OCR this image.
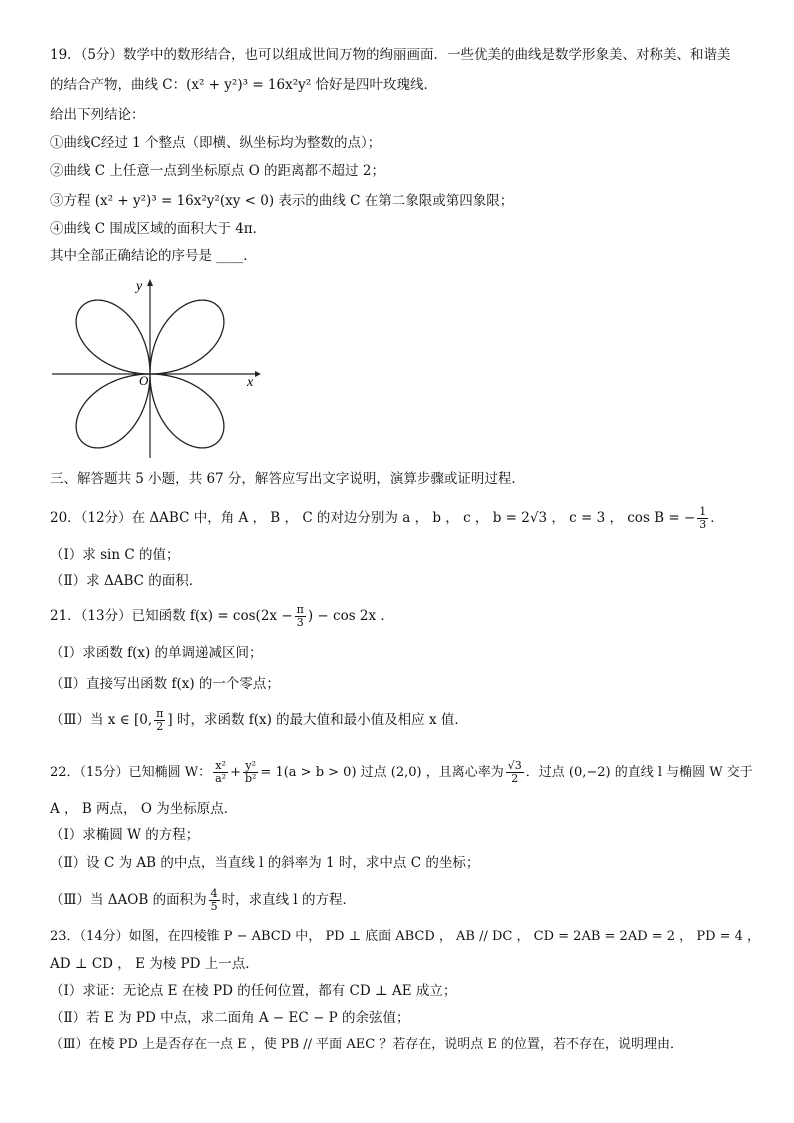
19．（5分）数学中的数形结合，也可以组成世间万物的绚丽画面．一些优美的曲线是数学形象美、对称美、和谐美
的结合产物，曲线 C：(x² + y²)³ = 16x²y² 恰好是四叶玫瑰线．
给出下列结论：
①曲线C经过 1 个整点（即横、纵坐标均为整数的点）；
②曲线 C 上任意一点到坐标原点 O 的距离都不超过 2；
③方程 (x² + y²)³ = 16x²y²(xy < 0) 表示的曲线 C 在第二象限或第四象限；
④曲线 C 围成区域的面积大于 4π．
其中全部正确结论的序号是 ____．
y
x
O
三、解答题共 5 小题，共 67 分，解答应写出文字说明，演算步骤或证明过程．
20．（12分）在 ΔABC 中，角 A ， B ， C 的对边分别为 a ， b ， c ， b = 2√3 ， c = 3 ， cos B = − $\frac{1}{3}$ ．
（Ⅰ）求 sin C 的值；
（Ⅱ）求 ΔABC 的面积．
21．（13分）已知函数 $f(x) = \cos(2x - \frac{\pi}{3}$ ) − cos 2x ．
（Ⅰ）求函数 f(x) 的单调递减区间；
（Ⅱ）直接写出函数 f(x) 的一个零点；
（Ⅲ）当 x ∈ [0, $\frac{\pi}{2}$ ] 时，求函数 f(x) 的最大值和最小值及相应 x 值．
22．（15分）已知椭圆 W： $\frac{\text{x²}}{\text{a²}} + \frac{\text{y²}}{\text{b²}} = 1(a > b > 0)$ 过点 (2,0) ，且离心率为 $\frac{√3}{2}$ ．过点 (0,−2) 的直线 l 与椭圆 W 交于
A ， B 两点， O 为坐标原点．
（Ⅰ）求椭圆 W 的方程；
（Ⅱ）设 C 为 AB 的中点，当直线 l 的斜率为 1 时，求中点 C 的坐标；
（Ⅲ）当 ΔAOB 的面积为 $\frac{4}{5}$ 时，求直线 l 的方程．
23．（14分）如图，在四棱锥 P − ABCD 中， PD ⊥ 底面 ABCD ， AB // DC ， CD = 2AB = 2AD = 2 ， PD = 4 ，
AD ⊥ CD ， E 为棱 PD 上一点．
（Ⅰ）求证：无论点 E 在棱 PD 的任何位置，都有 CD ⊥ AE 成立；
（Ⅱ）若 E 为 PD 中点，求二面角 A − EC − P 的余弦值；
（Ⅲ）在棱 PD 上是否存在一点 E ，使 PB // 平面 AEC ？若存在，说明点 E 的位置，若不存在，说明理由．
